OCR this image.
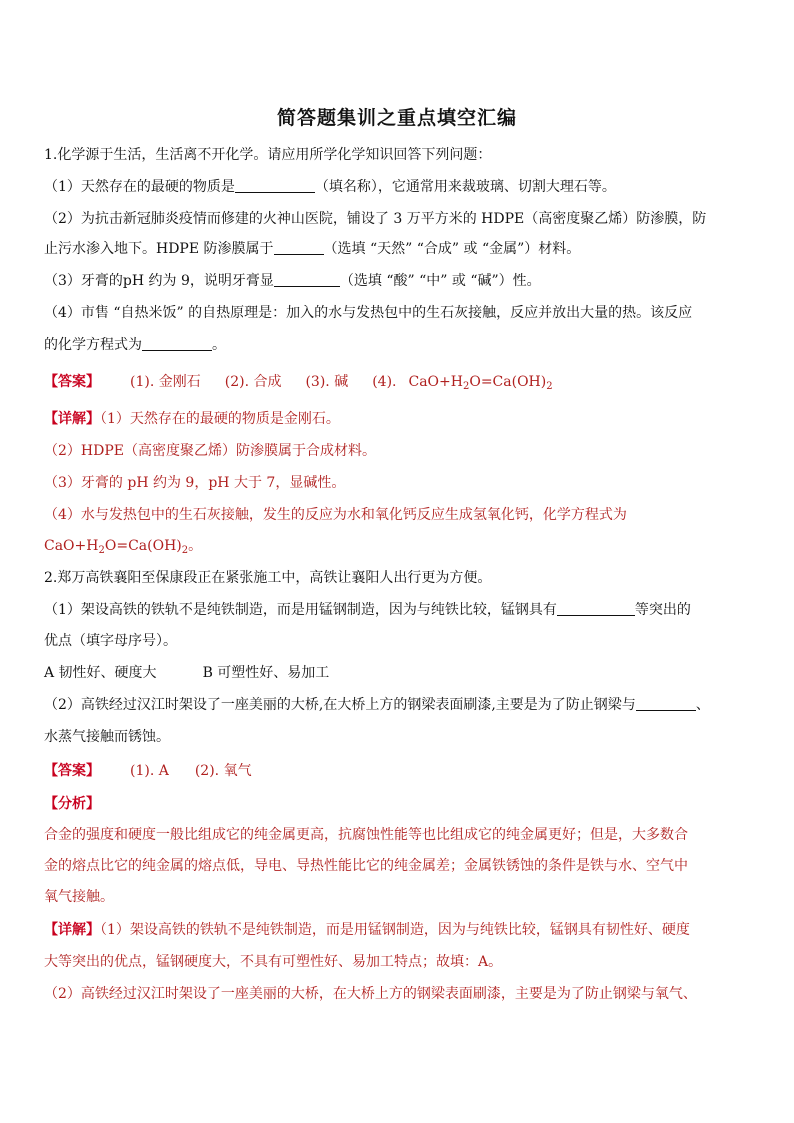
简答题集训之重点填空汇编
1.化学源于生活，生活离不开化学。请应用所学化学知识回答下列问题：
（1）天然存在的最硬的物质是	（填名称），它通常用来裁玻璃、切割大理石等。
（2）为抗击新冠肺炎疫情而修建的火神山医院，铺设了 3 万平方米的 HDPE（高密度聚乙烯）防渗膜，防
止污水渗入地下。HDPE 防渗膜属于	（选填 “天然” “合成” 或 “金属”）材料。
（3）牙膏的pH 约为 9，说明牙膏显	（选填 “酸” “中” 或 “碱”）性。
（4）市售 “自热米饭” 的自热原理是：加入的水与发热包中的生石灰接触，反应并放出大量的热。该反应
的化学方程式为	。
【答案】 (1). 金刚石 (2). 合成 (3). 碱 (4). $CaO+H_2O=Ca(OH)_2$
【详解】（1）天然存在的最硬的物质是金刚石。
（2）HDPE（高密度聚乙烯）防渗膜属于合成材料。
（3）牙膏的 pH 约为 9，pH 大于 7，显碱性。
（4）水与发热包中的生石灰接触，发生的反应为水和氧化钙反应生成氢氧化钙，化学方程式为
$CaO+H_2O=Ca(OH)_2$。
2.郑万高铁襄阳至保康段正在紧张施工中，高铁让襄阳人出行更为方便。
（1）架设高铁的铁轨不是纯铁制造，而是用锰钢制造，因为与纯铁比较，锰钢具有	等突出的
优点（填字母序号）。
A 韧性好、硬度大	B 可塑性好、易加工
（2）高铁经过汉江时架设了一座美丽的大桥,在大桥上方的钢梁表面刷漆,主要是为了防止钢梁与	、
水蒸气接触而锈蚀。
【答案】 (1). A (2). 氧气
【分析】
合金的强度和硬度一般比组成它的纯金属更高，抗腐蚀性能等也比组成它的纯金属更好；但是，大多数合
金的熔点比它的纯金属的熔点低，导电、导热性能比它的纯金属差；金属铁锈蚀的条件是铁与水、空气中
氧气接触。
【详解】（1）架设高铁的铁轨不是纯铁制造，而是用锰钢制造，因为与纯铁比较，锰钢具有韧性好、硬度
大等突出的优点，锰钢硬度大，不具有可塑性好、易加工特点；故填：A。
（2）高铁经过汉江时架设了一座美丽的大桥，在大桥上方的钢梁表面刷漆，主要是为了防止钢梁与氧气、
